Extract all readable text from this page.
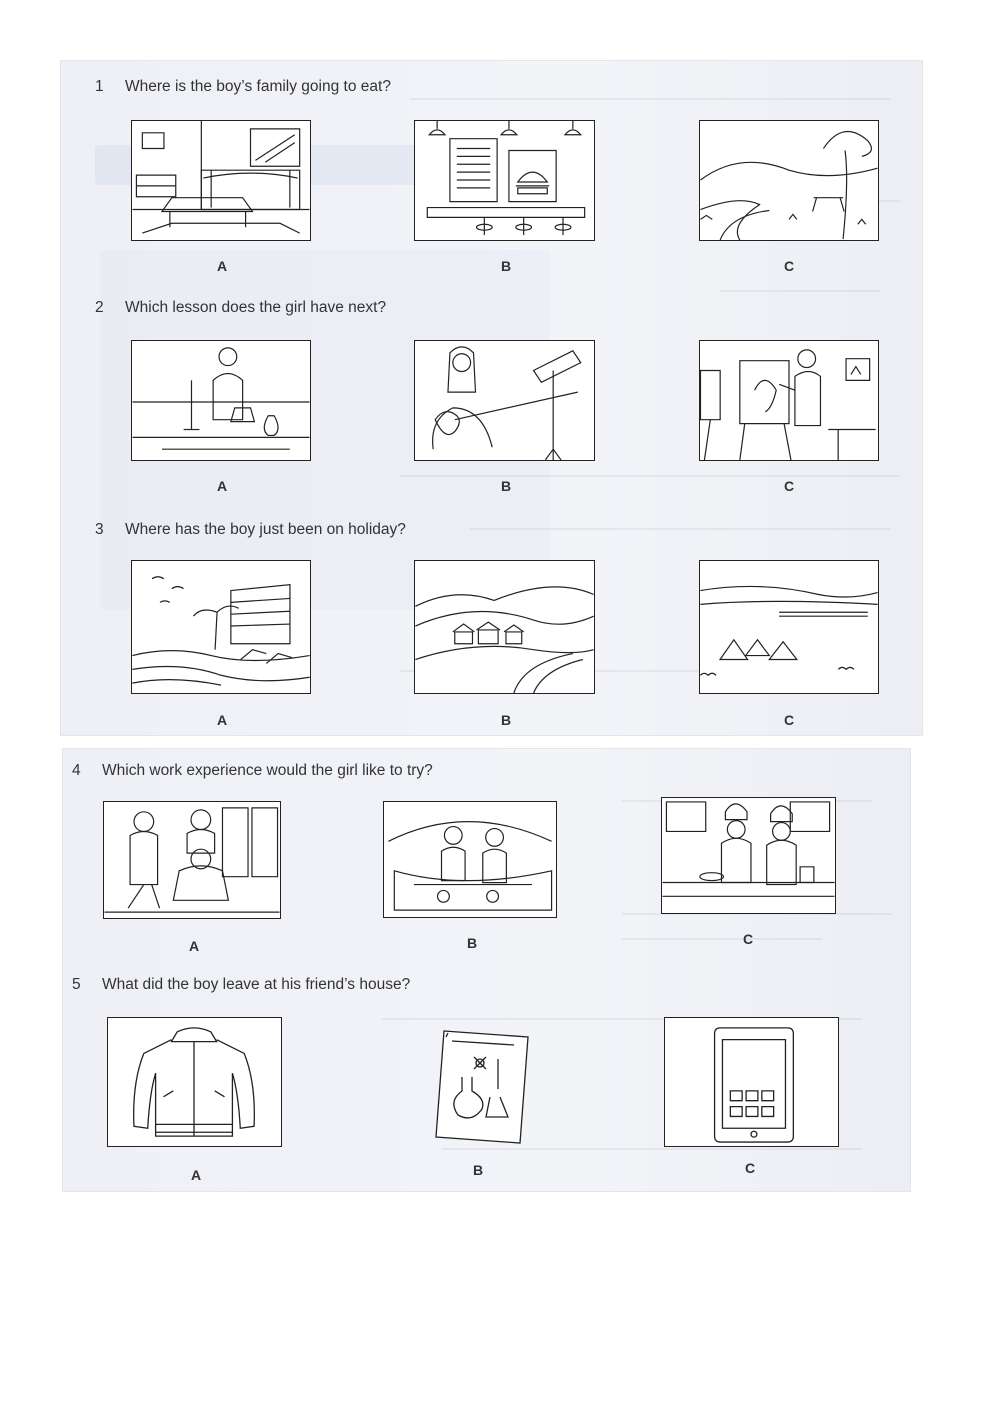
1 Where is the boy’s family going to eat?
A	B	C
2 Which lesson does the girl have next?
A	B	C
3 Where has the boy just been on holiday?
A	B	C
4 Which work experience would the girl like to try?
A	B	C
5 What did the boy leave at his friend’s house?
A	B	C
